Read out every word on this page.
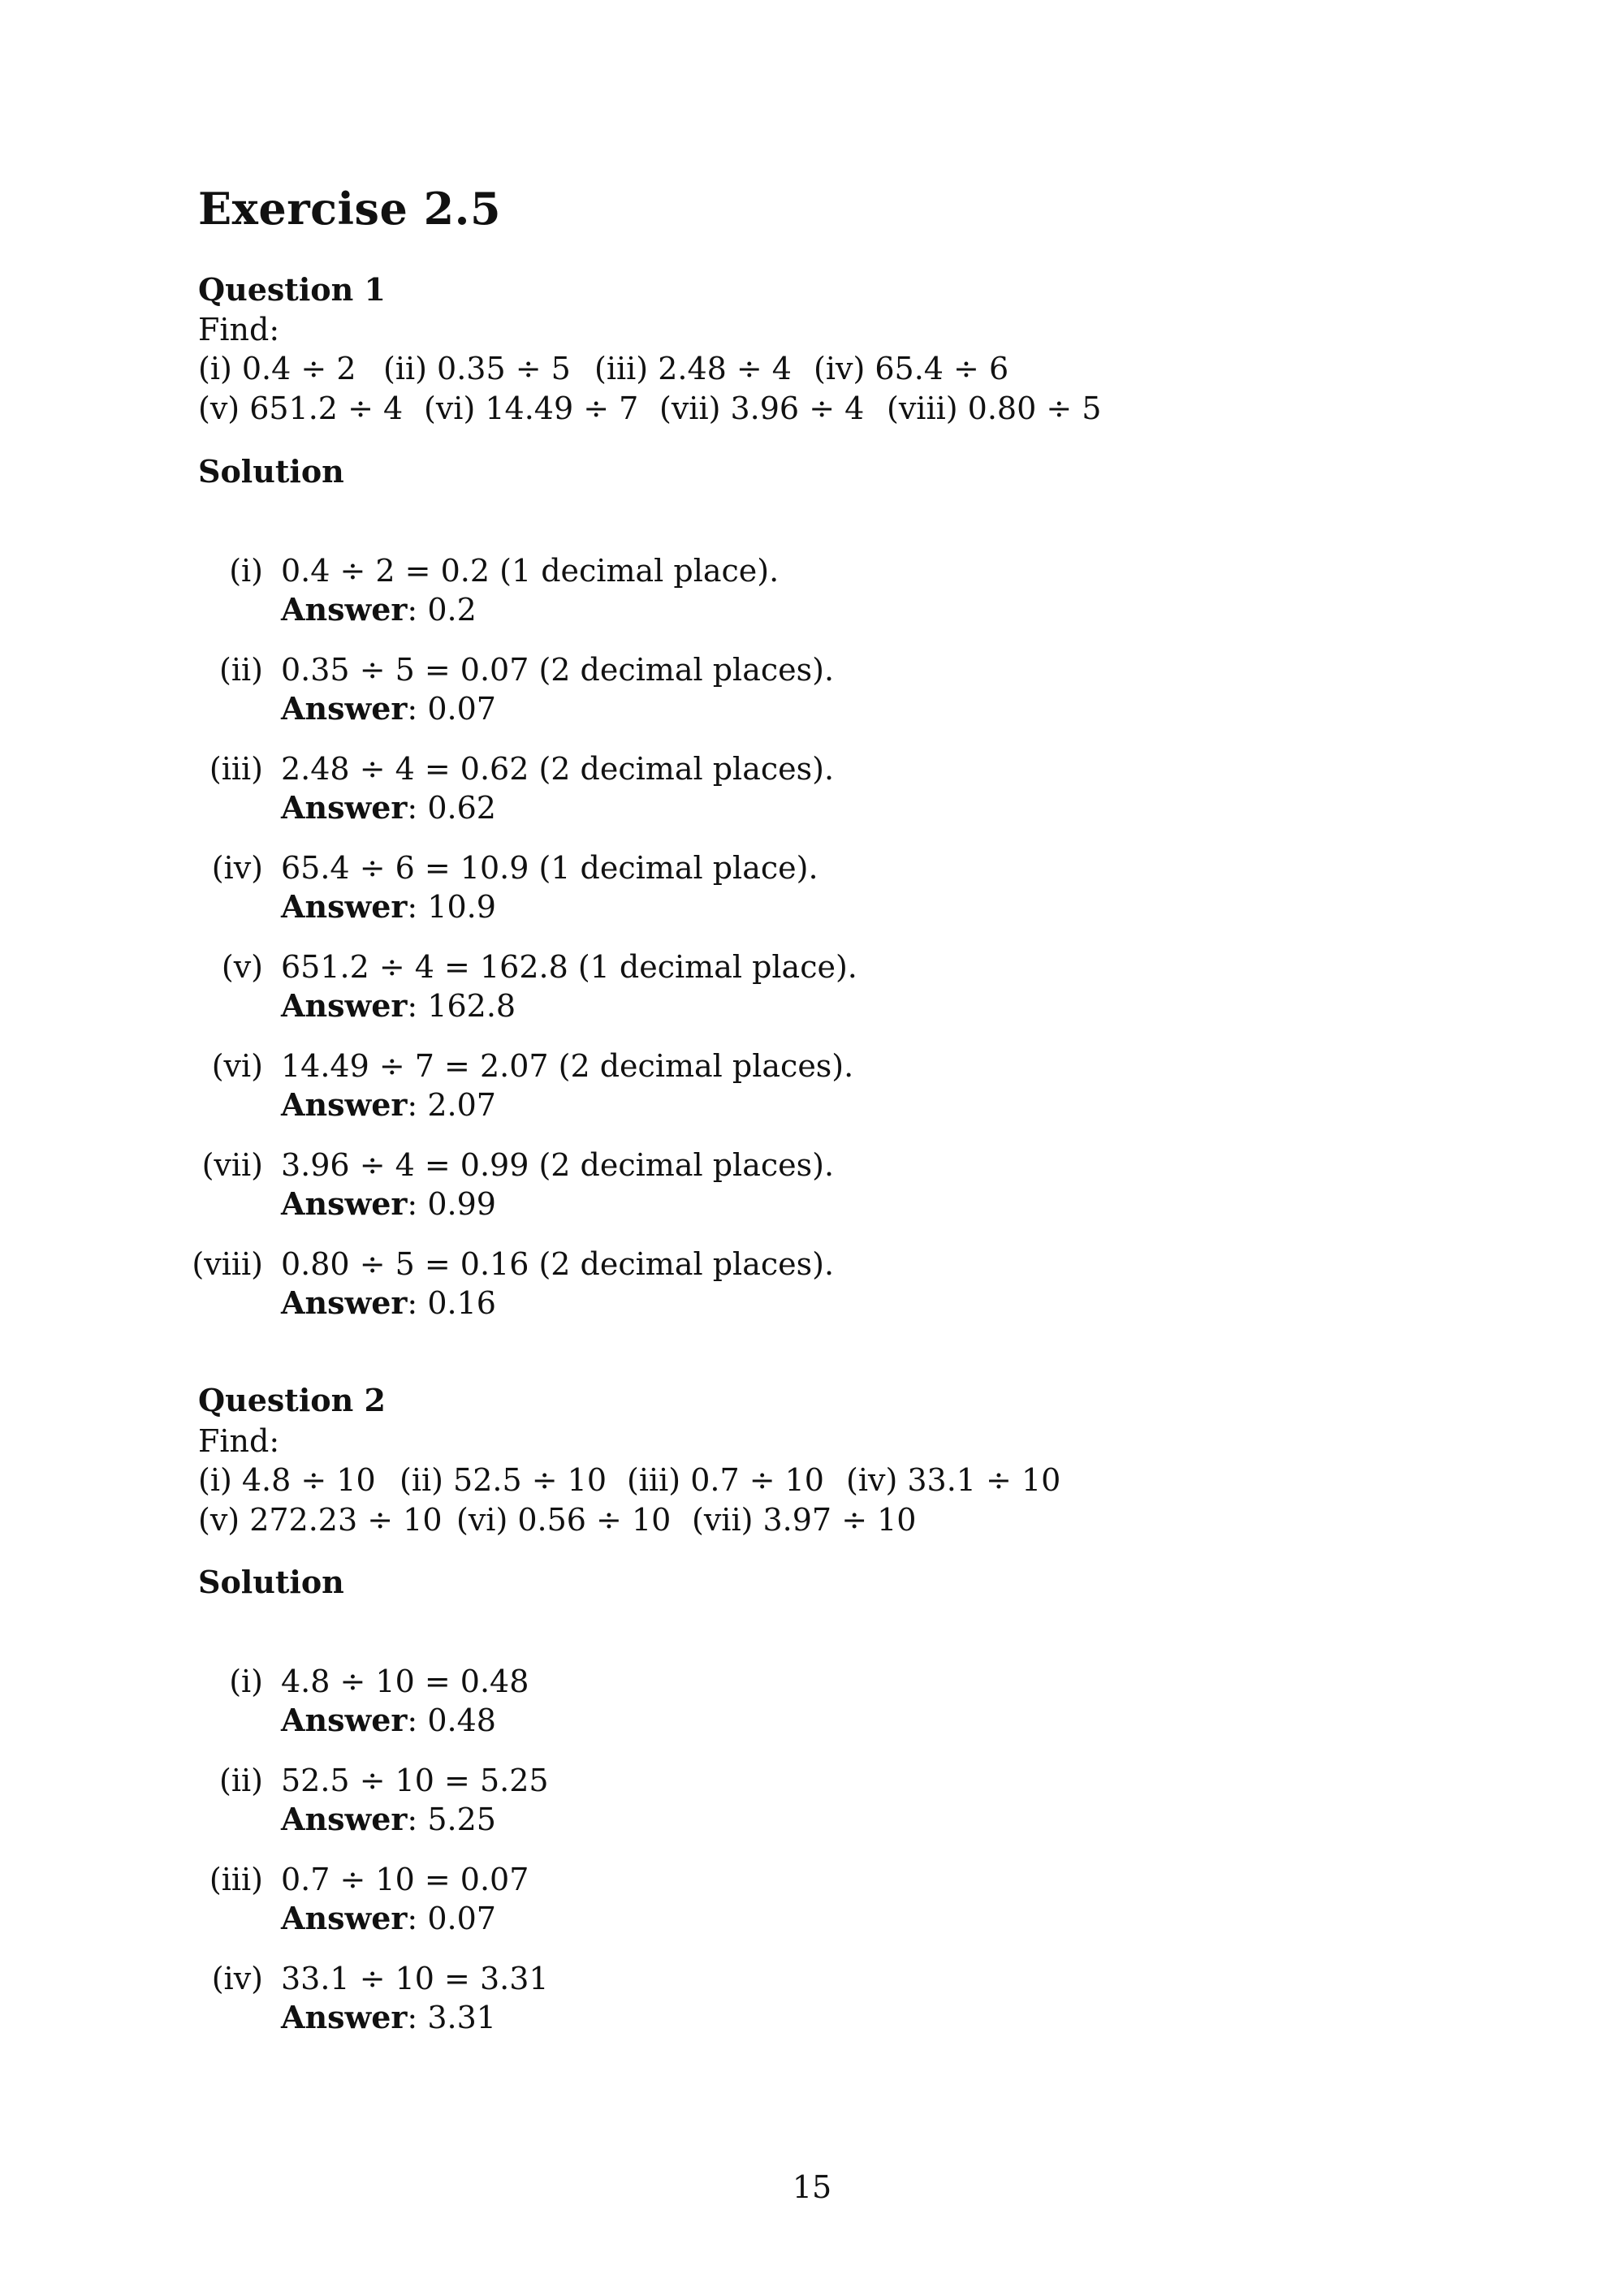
Exercise 2.5
Question 1
Find:
(i) 0.4 ÷ 2 (ii) 0.35 ÷ 5 (iii) 2.48 ÷ 4 (iv) 65.4 ÷ 6
(v) 651.2 ÷ 4 (vi) 14.49 ÷ 7 (vii) 3.96 ÷ 4 (viii) 0.80 ÷ 5
Solution
(i) 0.4 ÷ 2 = 0.2 (1 decimal place).
Answer: 0.2
(ii) 0.35 ÷ 5 = 0.07 (2 decimal places).
Answer: 0.07
(iii) 2.48 ÷ 4 = 0.62 (2 decimal places).
Answer: 0.62
(iv) 65.4 ÷ 6 = 10.9 (1 decimal place).
Answer: 10.9
(v) 651.2 ÷ 4 = 162.8 (1 decimal place).
Answer: 162.8
(vi) 14.49 ÷ 7 = 2.07 (2 decimal places).
Answer: 2.07
(vii) 3.96 ÷ 4 = 0.99 (2 decimal places).
Answer: 0.99
(viii) 0.80 ÷ 5 = 0.16 (2 decimal places).
Answer: 0.16
Question 2
Find:
(i) 4.8 ÷ 10 (ii) 52.5 ÷ 10 (iii) 0.7 ÷ 10 (iv) 33.1 ÷ 10
(v) 272.23 ÷ 10 (vi) 0.56 ÷ 10 (vii) 3.97 ÷ 10
Solution
(i) 4.8 ÷ 10 = 0.48
Answer: 0.48
(ii) 52.5 ÷ 10 = 5.25
Answer: 5.25
(iii) 0.7 ÷ 10 = 0.07
Answer: 0.07
(iv) 33.1 ÷ 10 = 3.31
Answer: 3.31
15
